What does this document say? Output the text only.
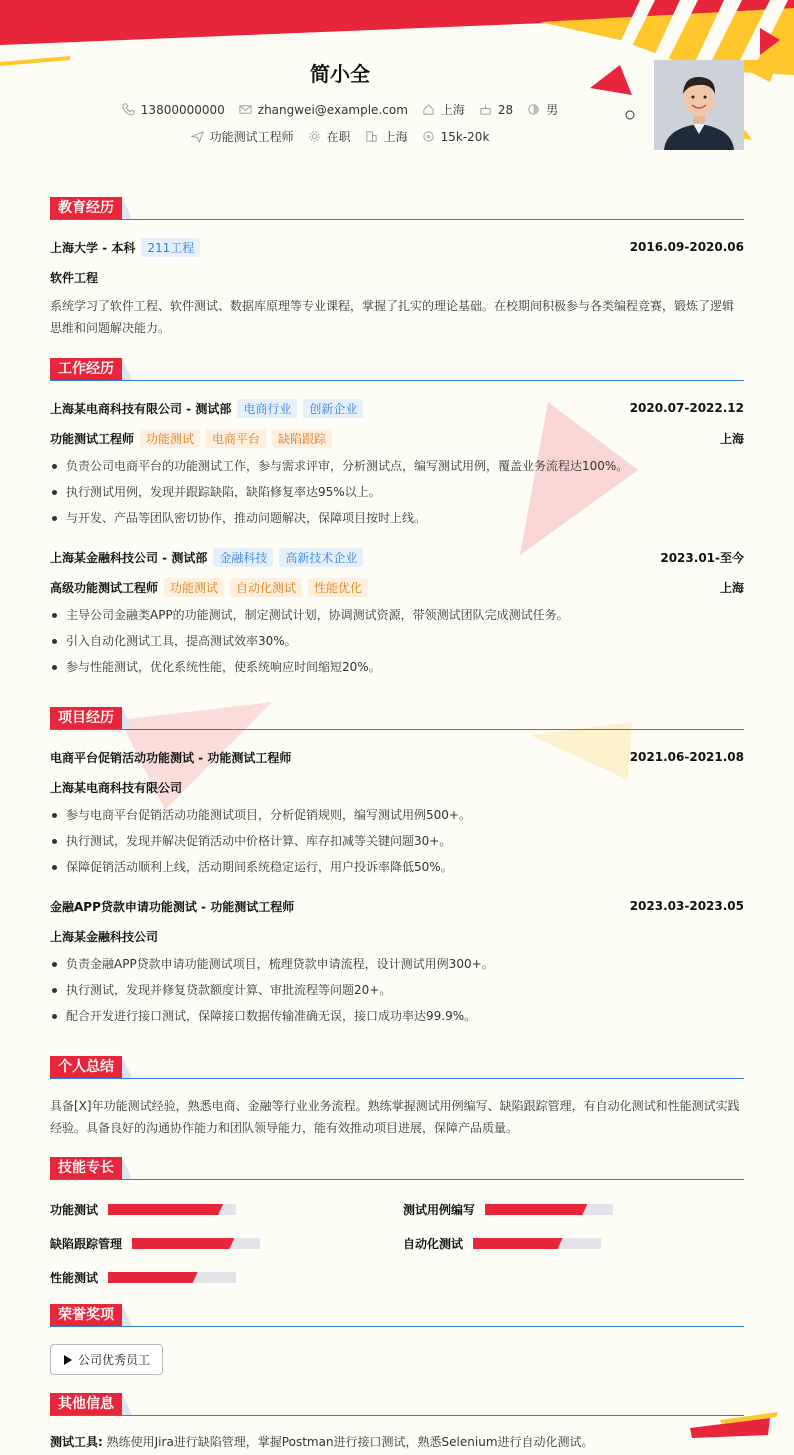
简小全
13800000000	zhangwei@example.com	上海	28	男
功能测试工程师	在职	上海	15k-20k
教育经历
上海大学 - 本科 211工程	2016.09-2020.06
软件工程
系统学习了软件工程、软件测试、数据库原理等专业课程，掌握了扎实的理论基础。在校期间积极参与各类编程竞赛，锻炼了逻辑思维和问题解决能力。
工作经历
上海某电商科技有限公司 - 测试部 电商行业 创新企业	2020.07-2022.12
功能测试工程师 功能测试 电商平台 缺陷跟踪	上海
负责公司电商平台的功能测试工作，参与需求评审，分析测试点，编写测试用例，覆盖业务流程达100%。
执行测试用例，发现并跟踪缺陷，缺陷修复率达95%以上。
与开发、产品等团队密切协作，推动问题解决，保障项目按时上线。
上海某金融科技公司 - 测试部 金融科技 高新技术企业	2023.01-至今
高级功能测试工程师 功能测试 自动化测试 性能优化	上海
主导公司金融类APP的功能测试，制定测试计划，协调测试资源，带领测试团队完成测试任务。
引入自动化测试工具，提高测试效率30%。
参与性能测试，优化系统性能，使系统响应时间缩短20%。
项目经历
电商平台促销活动功能测试 - 功能测试工程师	2021.06-2021.08
上海某电商科技有限公司
参与电商平台促销活动功能测试项目，分析促销规则，编写测试用例500+。
执行测试，发现并解决促销活动中价格计算、库存扣减等关键问题30+。
保障促销活动顺利上线，活动期间系统稳定运行，用户投诉率降低50%。
金融APP贷款申请功能测试 - 功能测试工程师	2023.03-2023.05
上海某金融科技公司
负责金融APP贷款申请功能测试项目，梳理贷款申请流程，设计测试用例300+。
执行测试，发现并修复贷款额度计算、审批流程等问题20+。
配合开发进行接口测试，保障接口数据传输准确无误，接口成功率达99.9%。
个人总结
具备[X]年功能测试经验，熟悉电商、金融等行业业务流程。熟练掌握测试用例编写、缺陷跟踪管理，有自动化测试和性能测试实践经验。具备良好的沟通协作能力和团队领导能力，能有效推动项目进展，保障产品质量。
技能专长
功能测试	测试用例编写
缺陷跟踪管理	自动化测试
性能测试
荣誉奖项
公司优秀员工
其他信息
测试工具: 熟练使用Jira进行缺陷管理，掌握Postman进行接口测试，熟悉Selenium进行自动化测试。
